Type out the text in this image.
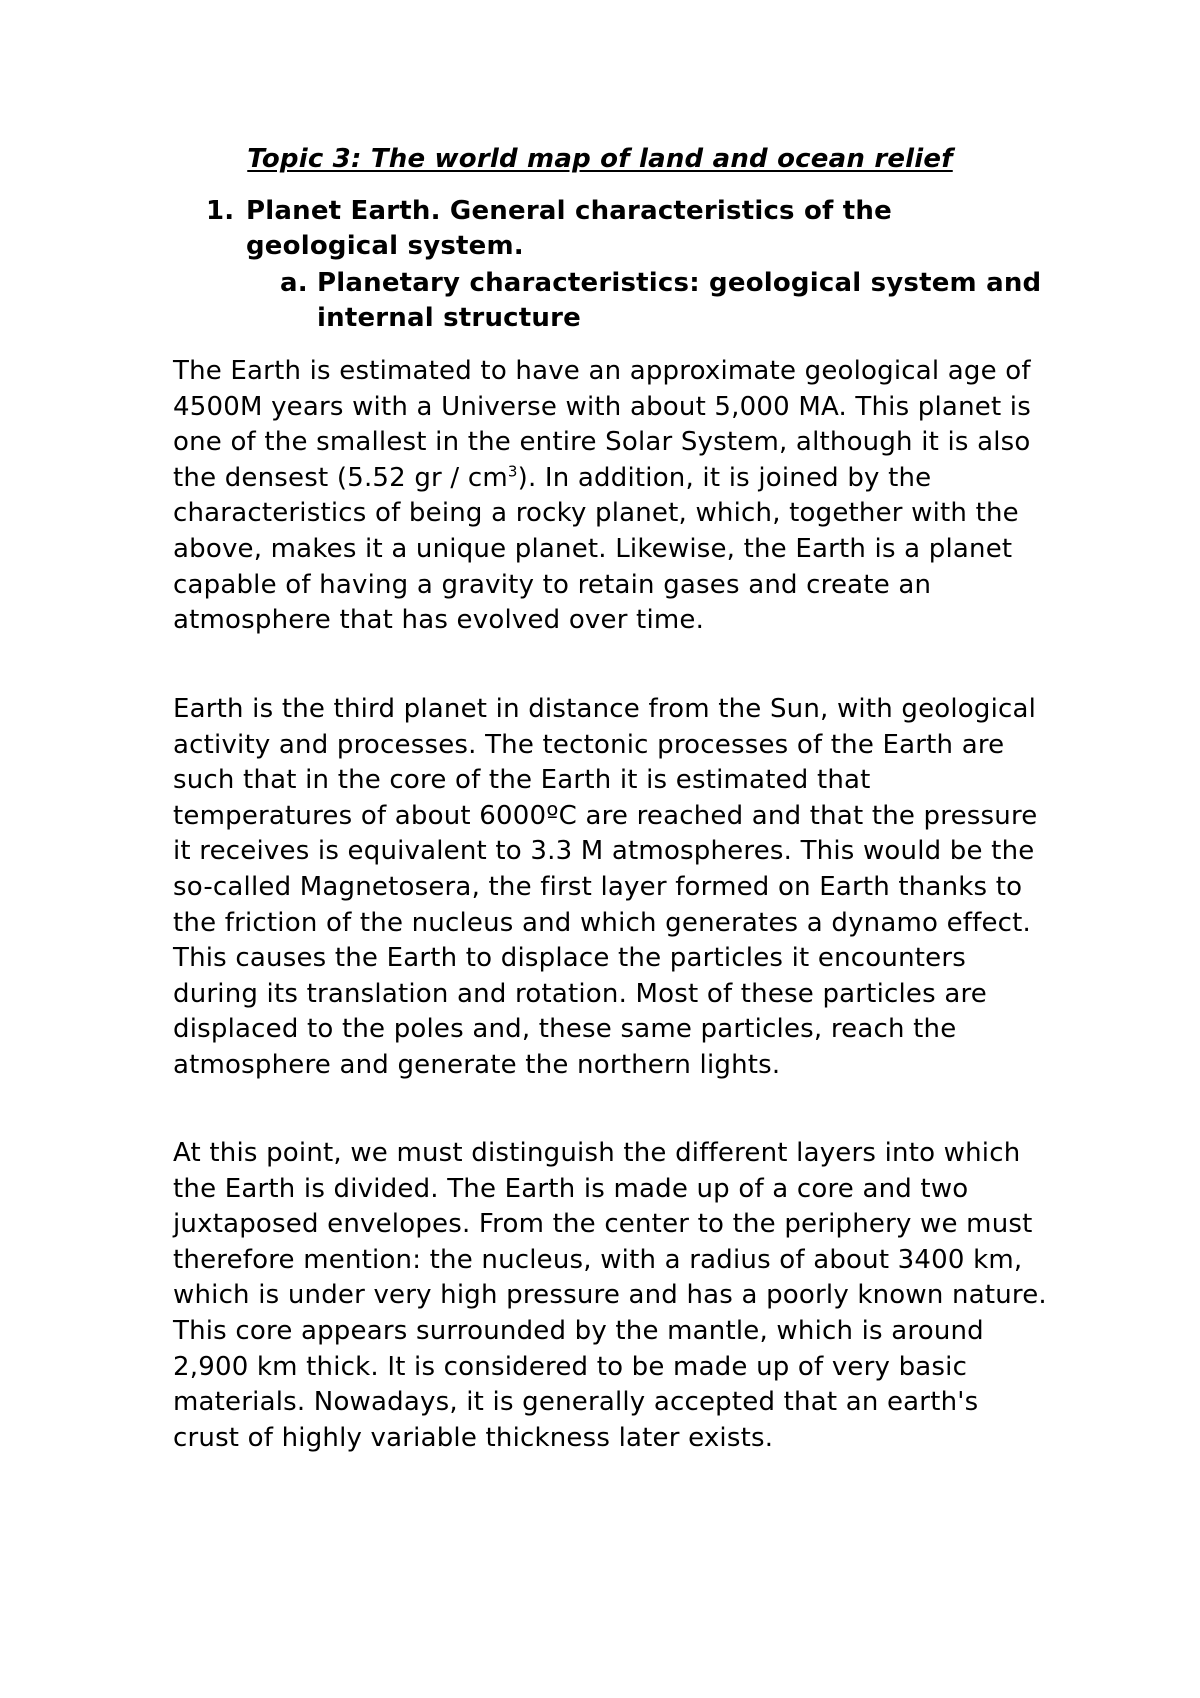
Topic 3: The world map of land and ocean relief
1. Planet Earth. General characteristics of the geological system.
a. Planetary characteristics: geological system and internal structure

The Earth is estimated to have an approximate geological age of 4500M years with a Universe with about 5,000 MA. This planet is one of the smallest in the entire Solar System, although it is also the densest (5.52 gr / $cm^3$). In addition, it is joined by the characteristics of being a rocky planet, which, together with the above, makes it a unique planet. Likewise, the Earth is a planet capable of having a gravity to retain gases and create an atmosphere that has evolved over time.

Earth is the third planet in distance from the Sun, with geological activity and processes. The tectonic processes of the Earth are such that in the core of the Earth it is estimated that temperatures of about 6000ºC are reached and that the pressure it receives is equivalent to 3.3 M atmospheres. This would be the so-called Magnetosera, the first layer formed on Earth thanks to the friction of the nucleus and which generates a dynamo effect. This causes the Earth to displace the particles it encounters during its translation and rotation. Most of these particles are displaced to the poles and, these same particles, reach the atmosphere and generate the northern lights.

At this point, we must distinguish the different layers into which the Earth is divided. The Earth is made up of a core and two juxtaposed envelopes. From the center to the periphery we must therefore mention: the nucleus, with a radius of about 3400 km, which is under very high pressure and has a poorly known nature. This core appears surrounded by the mantle, which is around 2,900 km thick. It is considered to be made up of very basic materials. Nowadays, it is generally accepted that an earth's crust of highly variable thickness later exists.
